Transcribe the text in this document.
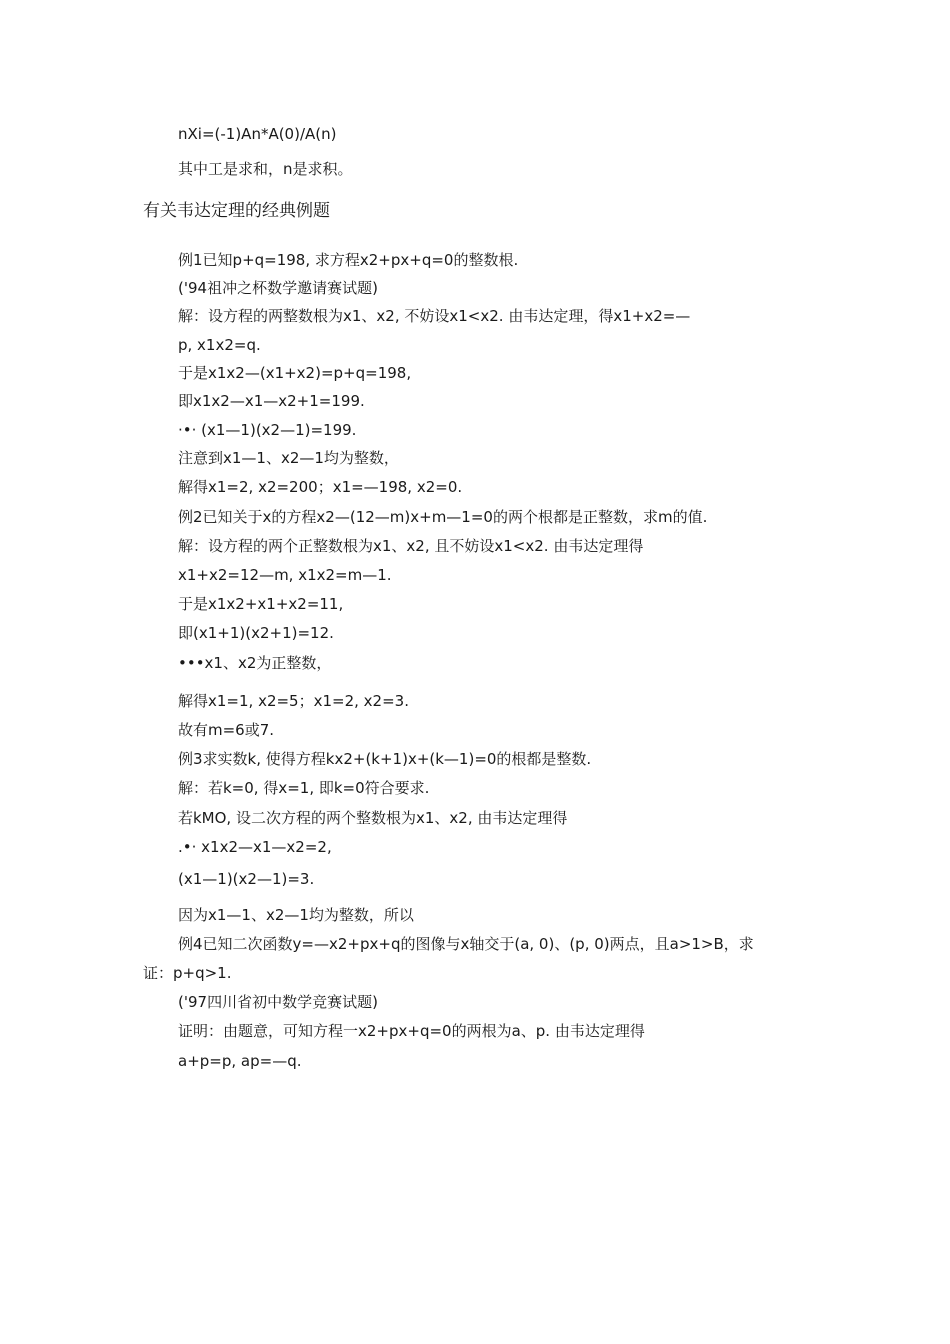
nXi=(-1)An*A(0)/A(n)
其中工是求和，n是求积。
有关韦达定理的经典例题
例1已知p+q=198, 求方程x2+px+q=0的整数根.
('94祖冲之杯数学邀请赛试题)
解：设方程的两整数根为x1、x2, 不妨设x1<x2. 由韦达定理，得x1+x2=—
p, x1x2=q.
于是x1x2—(x1+x2)=p+q=198,
即x1x2—x1—x2+1=199.
·•· (x1—1)(x2—1)=199.
注意到x1—1、x2—1均为整数，
解得x1=2, x2=200；x1=—198, x2=0.
例2已知关于x的方程x2—(12—m)x+m—1=0的两个根都是正整数，求m的值.
解：设方程的两个正整数根为x1、x2, 且不妨设x1<x2. 由韦达定理得
x1+x2=12—m, x1x2=m—1.
于是x1x2+x1+x2=11,
即(x1+1)(x2+1)=12.
•••x1、x2为正整数，
解得x1=1, x2=5；x1=2, x2=3.
故有m=6或7.
例3求实数k, 使得方程kx2+(k+1)x+(k—1)=0的根都是整数.
解：若k=0, 得x=1, 即k=0符合要求.
若kMO, 设二次方程的两个整数根为x1、x2, 由韦达定理得
.•· x1x2—x1—x2=2,
(x1—1)(x2—1)=3.
因为x1—1、x2—1均为整数，所以
例4已知二次函数y=—x2+px+q的图像与x轴交于(a, 0)、(p, 0)两点，且a>1>B，求
证：p+q>1.
('97四川省初中数学竞赛试题)
证明：由题意，可知方程一x2+px+q=0的两根为a、p. 由韦达定理得
a+p=p, ap=—q.
